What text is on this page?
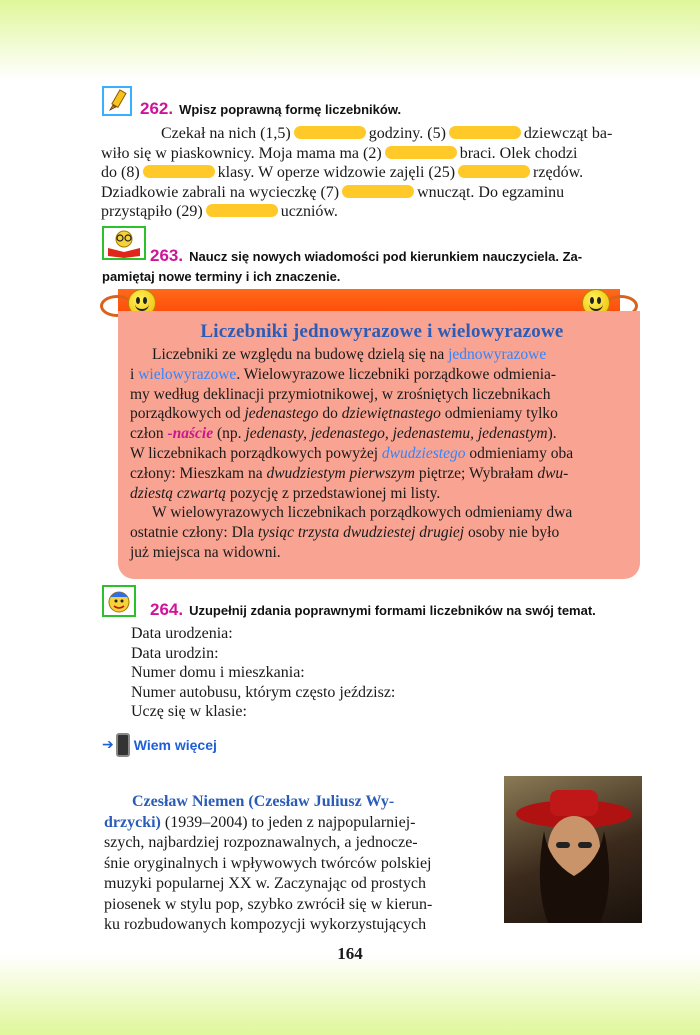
262. Wpisz poprawną formę liczebników.
Czekał na nich (1,5)	godziny. (5)	dziewcząt ba-
wiło się w piaskownicy. Moja mama ma (2)	braci. Olek chodzi
do (8)	klasy. W operze widzowie zajęli (25)	rzędów.
Dziadkowie zabrali na wycieczkę (7)	wnucząt. Do egzaminu
przystąpiło (29)	uczniów.
263. Naucz się nowych wiadomości pod kierunkiem nauczyciela. Za-
pamiętaj nowe terminy i ich znaczenie.
Liczebniki jednowyrazowe i wielowyrazowe
Liczebniki ze względu na budowę dzielą się na jednowyrazowe
i wielowyrazowe. Wielowyrazowe liczebniki porządkowe odmienia-
my według deklinacji przymiotnikowej, w zrośniętych liczebnikach
porządkowych od jedenastego do dziewiętnastego odmieniamy tylko
człon -naście (np. jedenasty, jedenastego, jedenastemu, jedenastym).
W liczebnikach porządkowych powyżej dwudziestego odmieniamy oba
człony: Mieszkam na dwudziestym pierwszym piętrze; Wybrałam dwu-
dziestą czwartą pozycję z przedstawionej mi listy.
W wielowyrazowych liczebnikach porządkowych odmieniamy dwa
ostatnie człony: Dla tysiąc trzysta dwudziestej drugiej osoby nie było
już miejsca na widowni.
264. Uzupełnij zdania poprawnymi formami liczebników na swój temat.
Data urodzenia:
Data urodzin:
Numer domu i mieszkania:
Numer autobusu, którym często jeździsz:
Uczę się w klasie:
➔ Wiem więcej
Czesław Niemen (Czesław Juliusz Wy-
drzycki) (1939–2004) to jeden z najpopularniej-
szych, najbardziej rozpoznawalnych, a jednocze-
śnie oryginalnych i wpływowych twórców polskiej
muzyki popularnej XX w. Zaczynając od prostych
piosenek w stylu pop, szybko zwrócił się w kierun-
ku rozbudowanych kompozycji wykorzystujących
164
